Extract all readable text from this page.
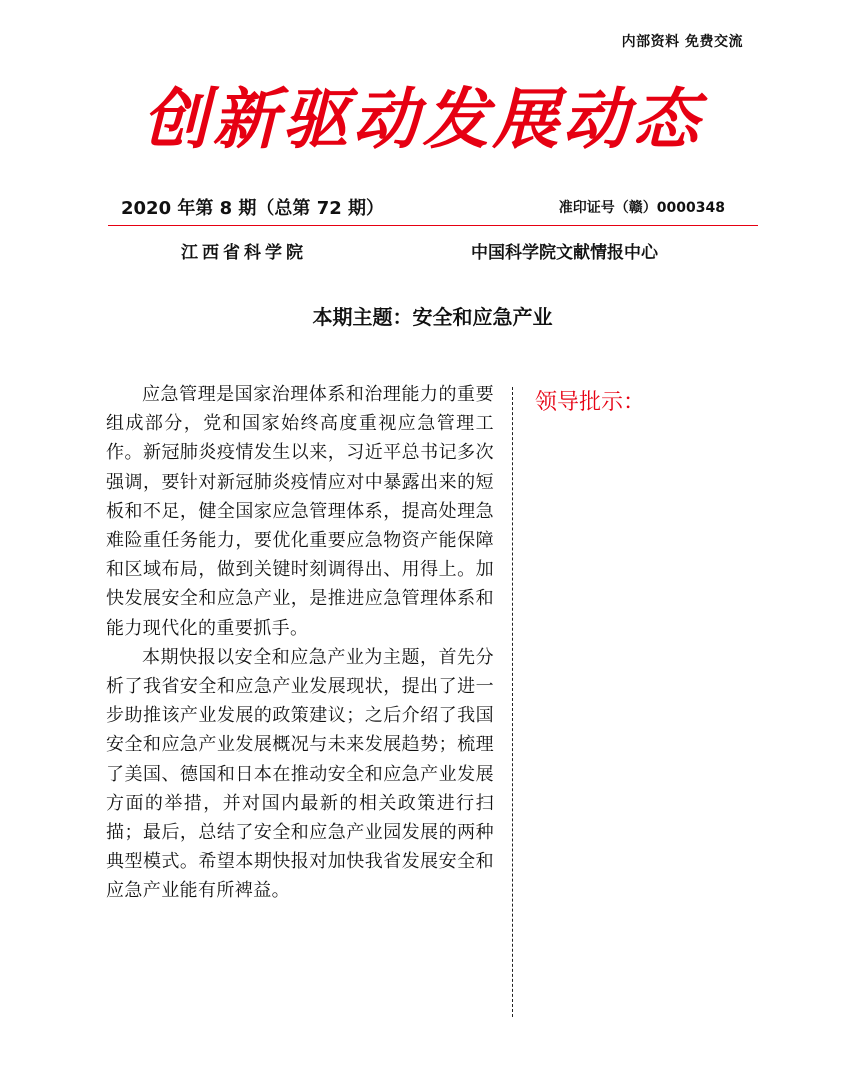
内部资料 免费交流
创新驱动发展动态
2020 年第 8 期（总第 72 期）	准印证号（赣）0000348
江西省科学院	中国科学院文献情报中心
本期主题：安全和应急产业

应急管理是国家治理体系和治理能力的重要组成部分，党和国家始终高度重视应急管理工作。新冠肺炎疫情发生以来，习近平总书记多次强调，要针对新冠肺炎疫情应对中暴露出来的短板和不足，健全国家应急管理体系，提高处理急难险重任务能力，要优化重要应急物资产能保障和区域布局，做到关键时刻调得出、用得上。加快发展安全和应急产业，是推进应急管理体系和能力现代化的重要抓手。

本期快报以安全和应急产业为主题，首先分析了我省安全和应急产业发展现状，提出了进一步助推该产业发展的政策建议；之后介绍了我国安全和应急产业发展概况与未来发展趋势；梳理了美国、德国和日本在推动安全和应急产业发展方面的举措，并对国内最新的相关政策进行扫描；最后，总结了安全和应急产业园发展的两种典型模式。希望本期快报对加快我省发展安全和应急产业能有所裨益。

领导批示：
